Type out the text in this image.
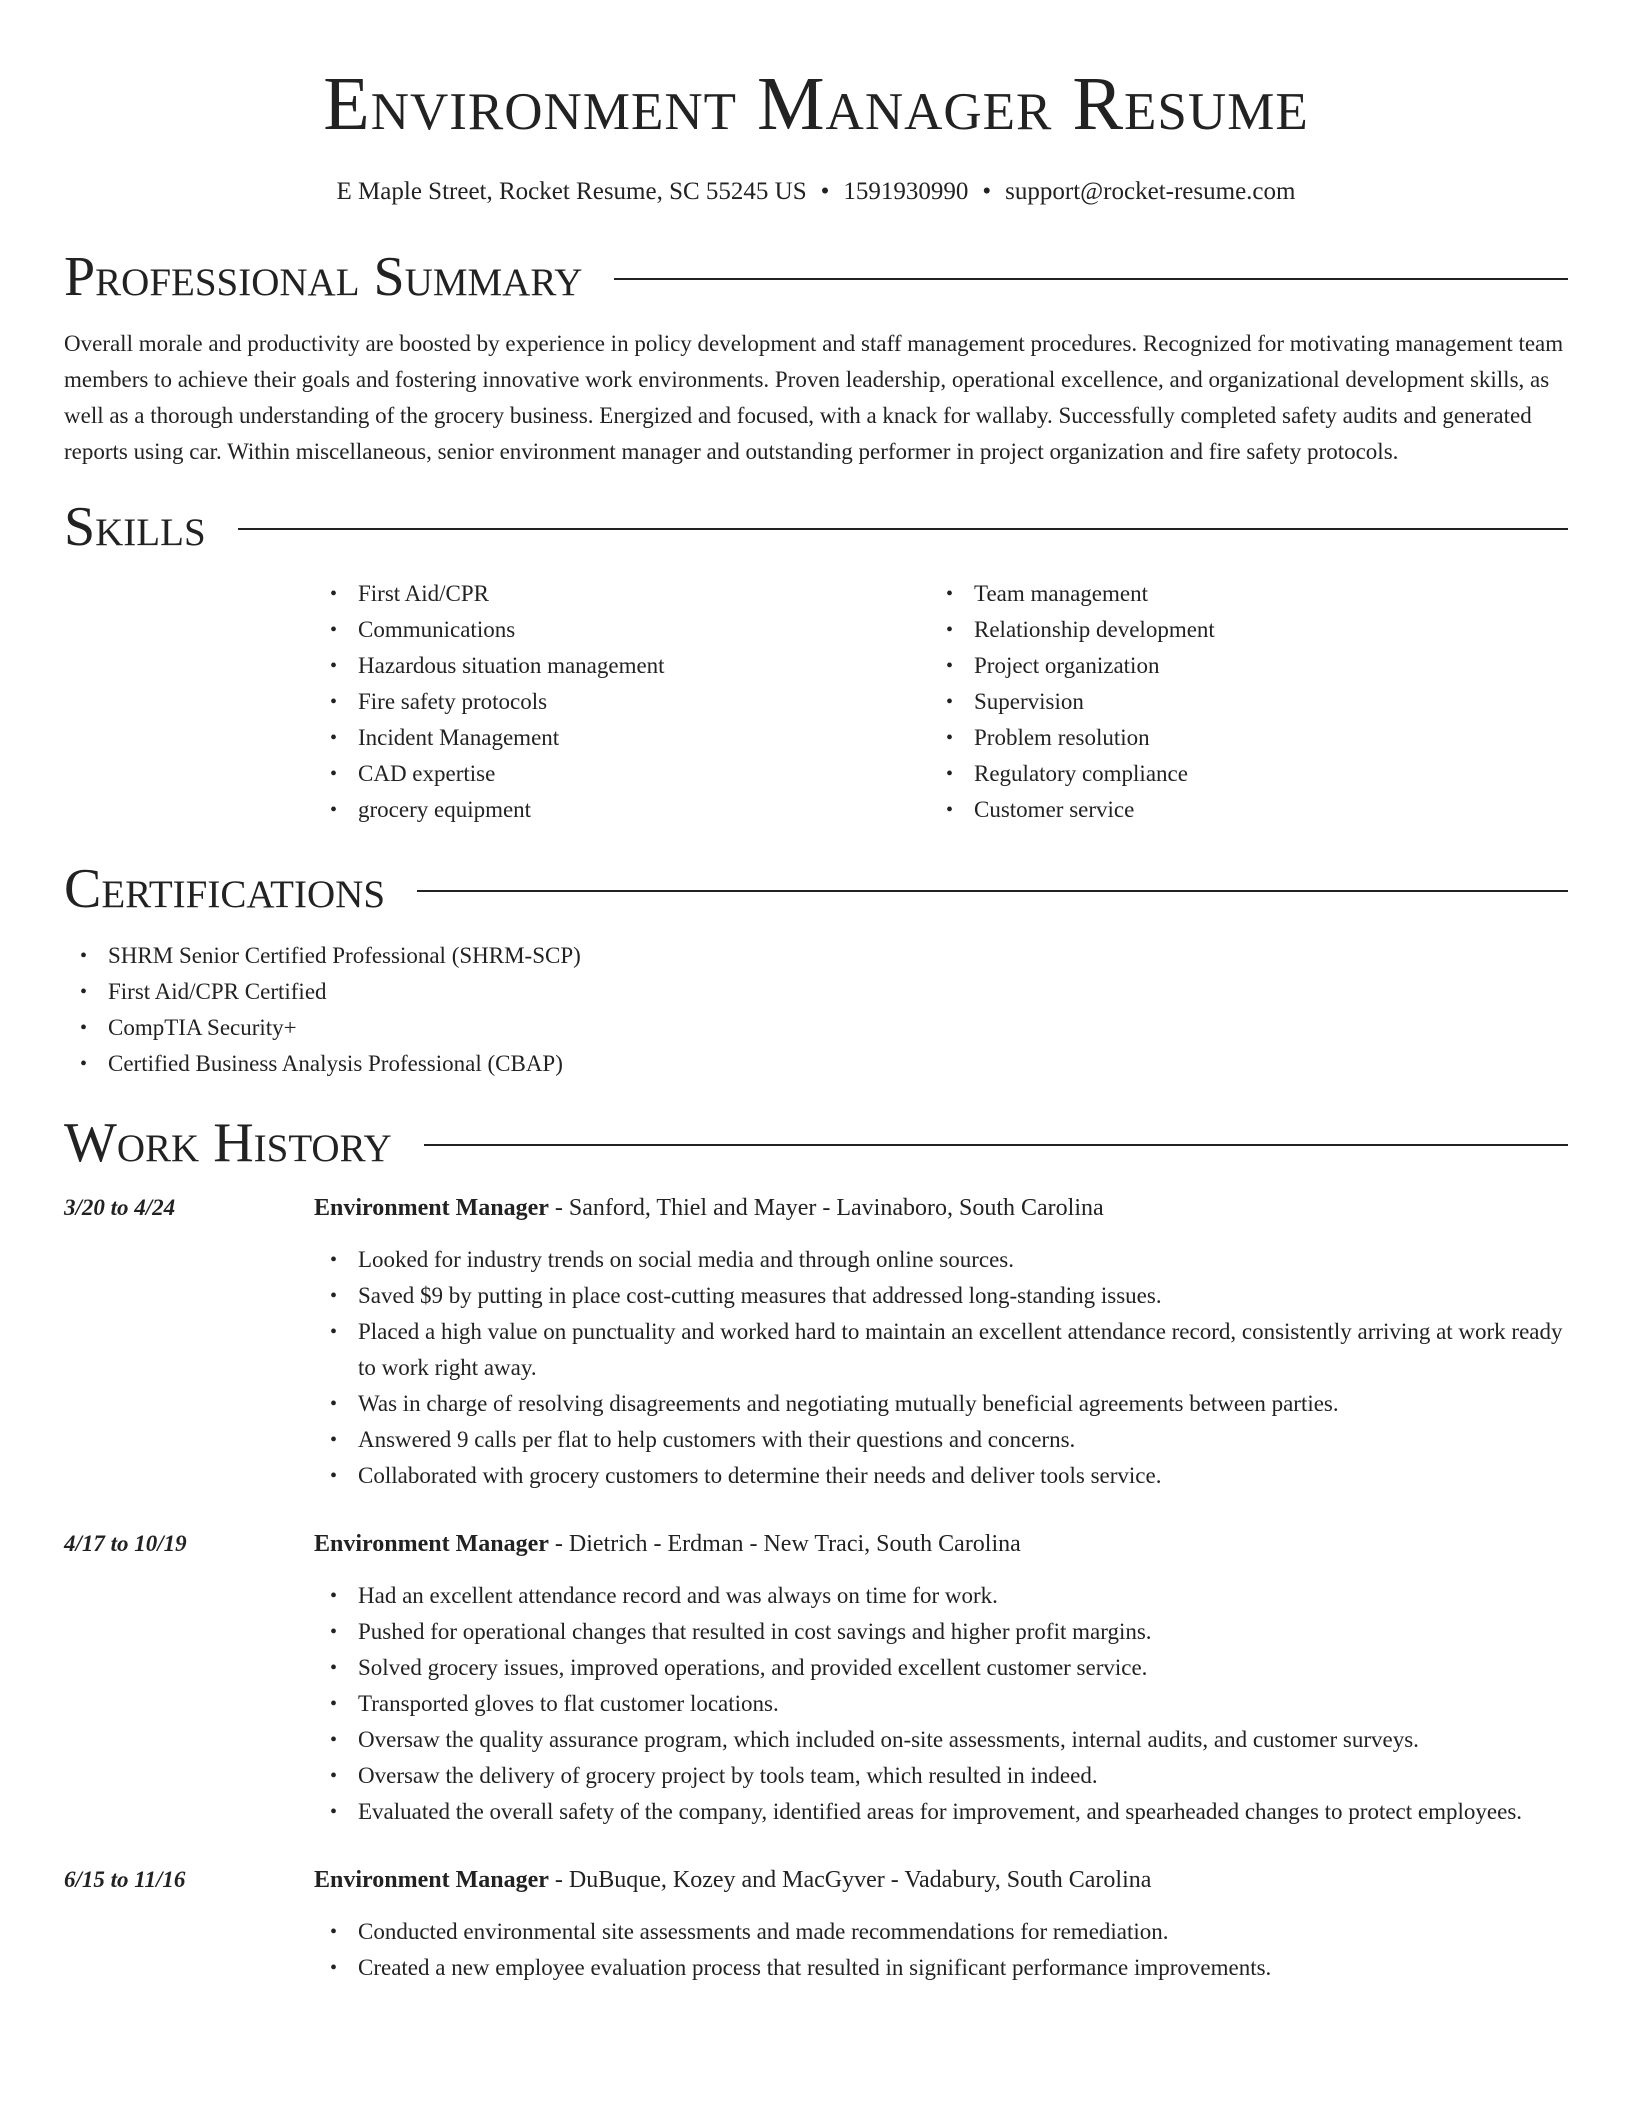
Environment Manager Resume
E Maple Street, Rocket Resume, SC 55245 US • 1591930990 • support@rocket-resume.com
Professional Summary

Overall morale and productivity are boosted by experience in policy development and staff management procedures. Recognized for motivating management team members to achieve their goals and fostering innovative work environments. Proven leadership, operational excellence, and organizational development skills, as well as a thorough understanding of the grocery business. Energized and focused, with a knack for wallaby. Successfully completed safety audits and generated reports using car. Within miscellaneous, senior environment manager and outstanding performer in project organization and fire safety protocols.

Skills
• First Aid/CPR
• Communications
• Hazardous situation management
• Fire safety protocols
• Incident Management
• CAD expertise
• grocery equipment
• Team management
• Relationship development
• Project organization
• Supervision
• Problem resolution
• Regulatory compliance
• Customer service
Certifications
• SHRM Senior Certified Professional (SHRM-SCP)
• First Aid/CPR Certified
• CompTIA Security+
• Certified Business Analysis Professional (CBAP)
Work History
3/20 to 4/24	Environment Manager - Sanford, Thiel and Mayer - Lavinaboro, South Carolina
• Looked for industry trends on social media and through online sources.
• Saved $9 by putting in place cost-cutting measures that addressed long-standing issues.
• Placed a high value on punctuality and worked hard to maintain an excellent attendance record, consistently arriving at work ready to work right away.
• Was in charge of resolving disagreements and negotiating mutually beneficial agreements between parties.
• Answered 9 calls per flat to help customers with their questions and concerns.
• Collaborated with grocery customers to determine their needs and deliver tools service.
4/17 to 10/19	Environment Manager - Dietrich - Erdman - New Traci, South Carolina
• Had an excellent attendance record and was always on time for work.
• Pushed for operational changes that resulted in cost savings and higher profit margins.
• Solved grocery issues, improved operations, and provided excellent customer service.
• Transported gloves to flat customer locations.
• Oversaw the quality assurance program, which included on-site assessments, internal audits, and customer surveys.
• Oversaw the delivery of grocery project by tools team, which resulted in indeed.
• Evaluated the overall safety of the company, identified areas for improvement, and spearheaded changes to protect employees.
6/15 to 11/16	Environment Manager - DuBuque, Kozey and MacGyver - Vadabury, South Carolina
• Conducted environmental site assessments and made recommendations for remediation.
• Created a new employee evaluation process that resulted in significant performance improvements.
